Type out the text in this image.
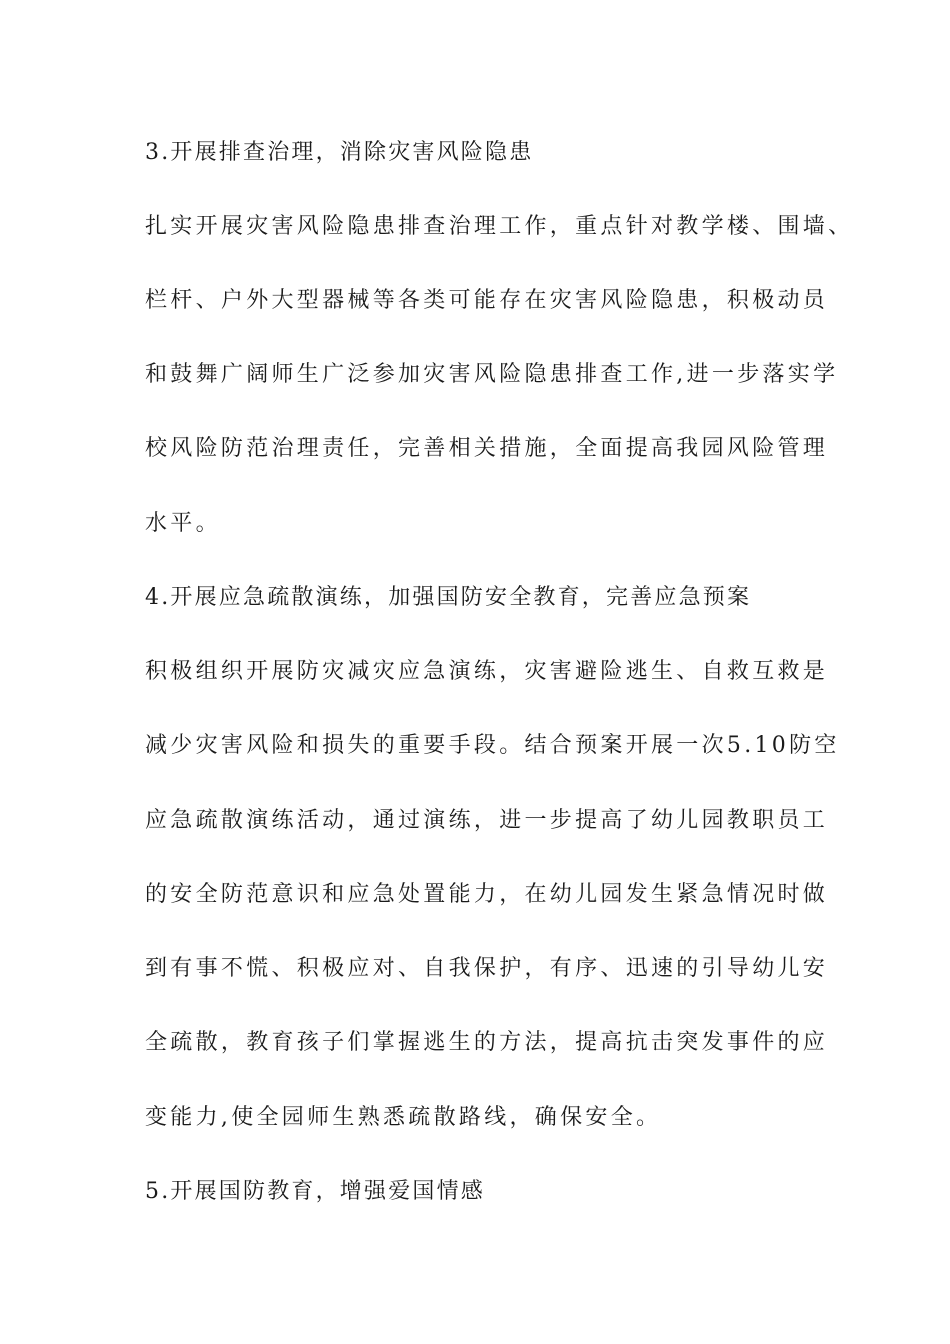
3.开展排查治理，消除灾害风险隐患
扎实开展灾害风险隐患排查治理工作，重点针对教学楼、围墙、
栏杆、户外大型器械等各类可能存在灾害风险隐患，积极动员
和鼓舞广阔师生广泛参加灾害风险隐患排查工作,进一步落实学
校风险防范治理责任，完善相关措施，全面提高我园风险管理
水平。
4.开展应急疏散演练，加强国防安全教育，完善应急预案
积极组织开展防灾减灾应急演练，灾害避险逃生、自救互救是
减少灾害风险和损失的重要手段。结合预案开展一次5.10防空
应急疏散演练活动，通过演练，进一步提高了幼儿园教职员工
的安全防范意识和应急处置能力，在幼儿园发生紧急情况时做
到有事不慌、积极应对、自我保护，有序、迅速的引导幼儿安
全疏散，教育孩子们掌握逃生的方法，提高抗击突发事件的应
变能力,使全园师生熟悉疏散路线，确保安全。
5.开展国防教育，增强爱国情感
